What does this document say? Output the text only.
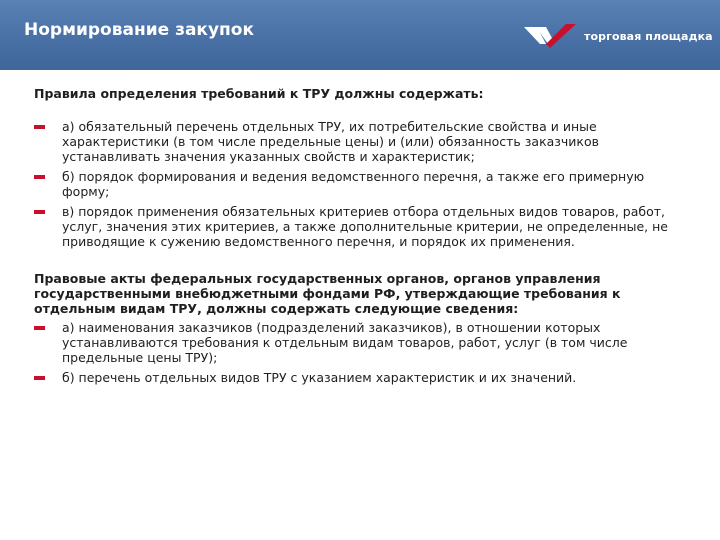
Нормирование закупок	торговая площадка

Правила определения требований к ТРУ должны содержать:

а) обязательный перечень отдельных ТРУ, их потребительские свойства и иные характеристики (в том числе предельные цены) и (или) обязанность заказчиков устанавливать значения указанных свойств и характеристик;
б) порядок формирования и ведения ведомственного перечня, а также его примерную форму;
в) порядок применения обязательных критериев отбора отдельных видов товаров, работ, услуг, значения этих критериев, а также дополнительные критерии, не определенные, не приводящие к сужению ведомственного перечня, и порядок их применения.

Правовые акты федеральных государственных органов, органов управления государственными внебюджетными фондами РФ, утверждающие требования к отдельным видам ТРУ, должны содержать следующие сведения:

а) наименования заказчиков (подразделений заказчиков), в отношении которых устанавливаются требования к отдельным видам товаров, работ, услуг (в том числе предельные цены ТРУ);
б) перечень отдельных видов ТРУ с указанием характеристик и их значений.
